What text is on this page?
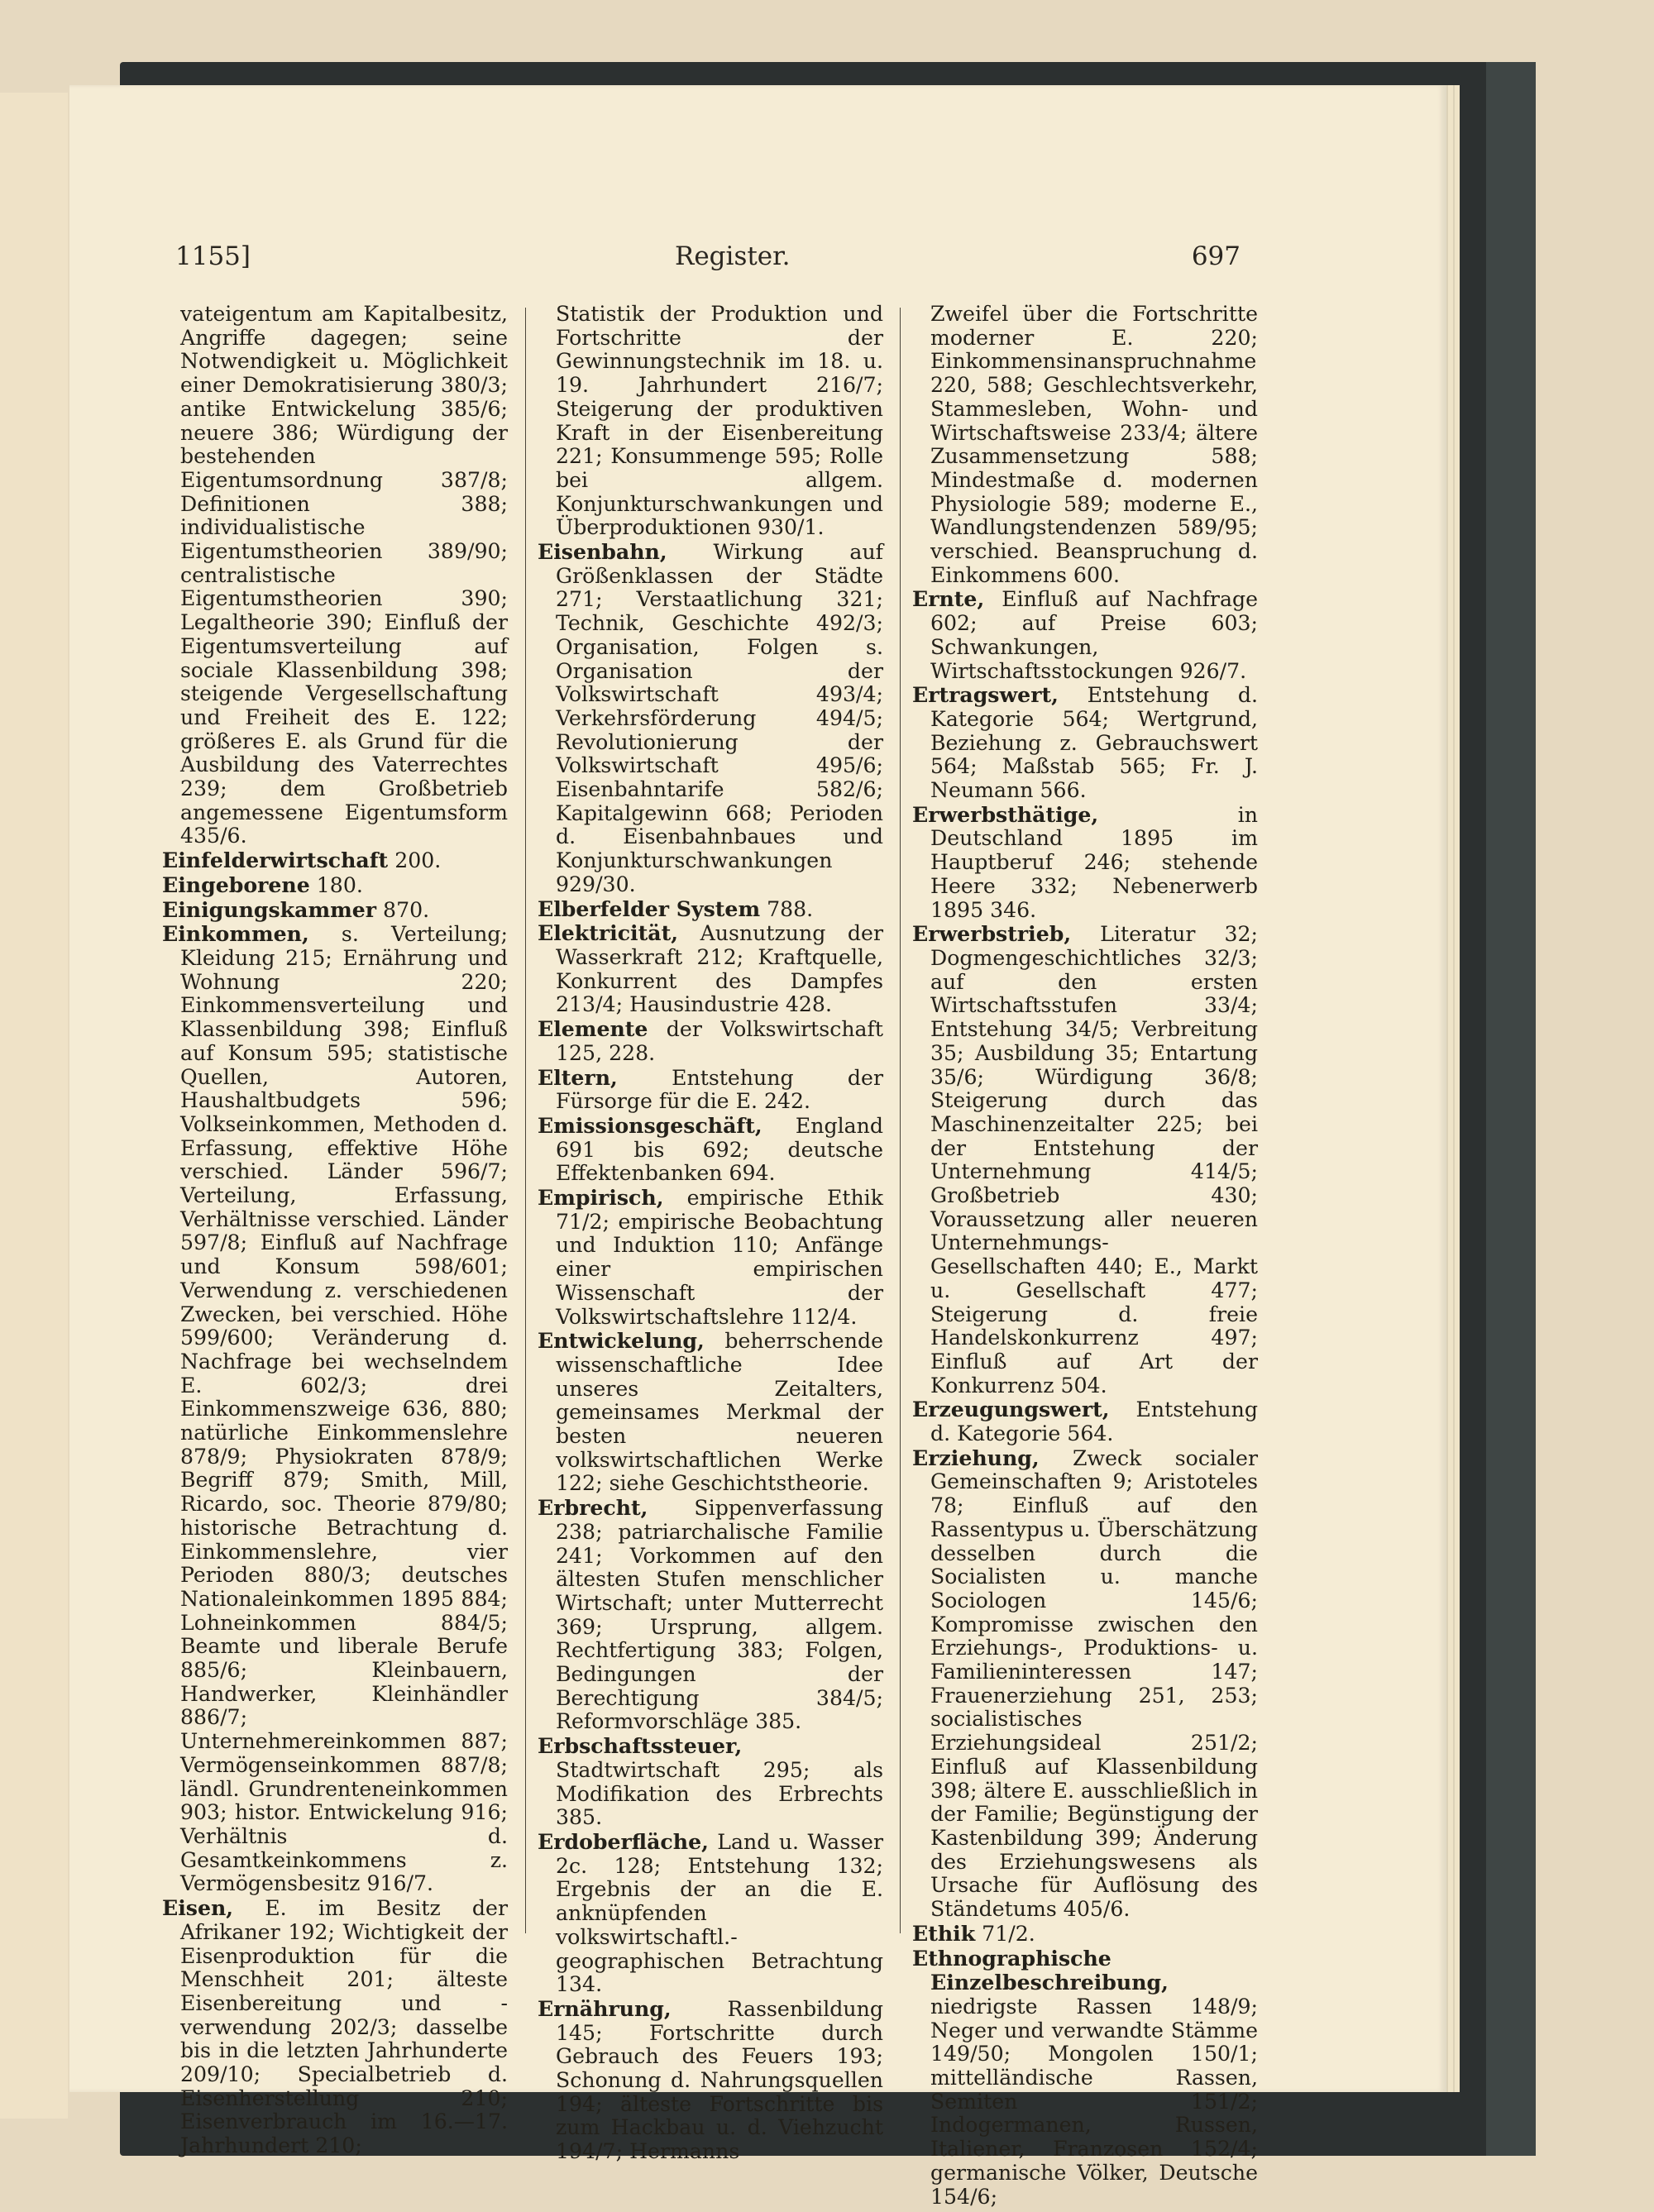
1155]	Register.	697

vateigentum am Kapitalbesitz, Angriffe dagegen; seine Notwendigkeit u. Möglichkeit einer Demokratisierung 380/3; antike Entwickelung 385/6; neuere 386; Würdigung der bestehenden Eigentumsordnung 387/8; Definitionen 388; individualistische Eigentumstheorien 389/90; centralistische Eigentumstheorien 390; Legaltheorie 390; Einfluß der Eigentumsverteilung auf sociale Klassenbildung 398; steigende Vergesellschaftung und Freiheit des E. 122; größeres E. als Grund für die Ausbildung des Vaterrechtes 239; dem Großbetrieb angemessene Eigentumsform 435/6.

Einfelderwirtschaft 200.

Eingeborene 180.

Einigungskammer 870.

Einkommen, s. Verteilung; Kleidung 215; Ernährung und Wohnung 220; Einkommensverteilung und Klassenbildung 398; Einfluß auf Konsum 595; statistische Quellen, Autoren, Haushaltbudgets 596; Volkseinkommen, Methoden d. Erfassung, effektive Höhe verschied. Länder 596/7; Verteilung, Erfassung, Verhältnisse verschied. Länder 597/8; Einfluß auf Nachfrage und Konsum 598/601; Verwendung z. verschiedenen Zwecken, bei verschied. Höhe 599/600; Veränderung d. Nachfrage bei wechselndem E. 602/3; drei Einkommenszweige 636, 880; natürliche Einkommenslehre 878/9; Physiokraten 878/9; Begriff 879; Smith, Mill, Ricardo, soc. Theorie 879/80; historische Betrachtung d. Einkommenslehre, vier Perioden 880/3; deutsches Nationaleinkommen 1895 884; Lohneinkommen 884/5; Beamte und liberale Berufe 885/6; Kleinbauern, Handwerker, Kleinhändler 886/7; Unternehmereinkommen 887; Vermögenseinkommen 887/8; ländl. Grundrenteneinkommen 903; histor. Entwickelung 916; Verhältnis d. Gesamtkeinkommens z. Vermögensbesitz 916/7.

Eisen, E. im Besitz der Afrikaner 192; Wichtigkeit der Eisenproduktion für die Menschheit 201; älteste Eisenbereitung und -verwendung 202/3; dasselbe bis in die letzten Jahrhunderte 209/10; Specialbetrieb d. Eisenherstellung 210; Eisenverbrauch im 16.—17. Jahrhundert 210;

Statistik der Produktion und Fortschritte der Gewinnungstechnik im 18. u. 19. Jahrhundert 216/7; Steigerung der produktiven Kraft in der Eisenbereitung 221; Konsummenge 595; Rolle bei allgem. Konjunkturschwankungen und Überproduktionen 930/1.

Eisenbahn, Wirkung auf Größenklassen der Städte 271; Verstaatlichung 321; Technik, Geschichte 492/3; Organisation, Folgen s. Organisation der Volkswirtschaft 493/4; Verkehrsförderung 494/5; Revolutionierung der Volkswirtschaft 495/6; Eisenbahntarife 582/6; Kapitalgewinn 668; Perioden d. Eisenbahnbaues und Konjunkturschwankungen 929/30.

Elberfelder System 788.

Elektricität, Ausnutzung der Wasserkraft 212; Kraftquelle, Konkurrent des Dampfes 213/4; Hausindustrie 428.

Elemente der Volkswirtschaft 125, 228.

Eltern, Entstehung der Fürsorge für die E. 242.

Emissionsgeschäft, England 691 bis 692; deutsche Effektenbanken 694.

Empirisch, empirische Ethik 71/2; empirische Beobachtung und Induktion 110; Anfänge einer empirischen Wissenschaft der Volkswirtschaftslehre 112/4.

Entwickelung, beherrschende wissenschaftliche Idee unseres Zeitalters, gemeinsames Merkmal der besten neueren volkswirtschaftlichen Werke 122; siehe Geschichtstheorie.

Erbrecht, Sippenverfassung 238; patriarchalische Familie 241; Vorkommen auf den ältesten Stufen menschlicher Wirtschaft; unter Mutterrecht 369; Ursprung, allgem. Rechtfertigung 383; Folgen, Bedingungen der Berechtigung 384/5; Reformvorschläge 385.

Erbschaftssteuer, Stadtwirtschaft 295; als Modifikation des Erbrechts 385.

Erdoberfläche, Land u. Wasser 2c. 128; Entstehung 132; Ergebnis der an die E. anknüpfenden volkswirtschaftl.-geographischen Betrachtung 134.

Ernährung, Rassenbildung 145; Fortschritte durch Gebrauch des Feuers 193; Schonung d. Nahrungsquellen 194; älteste Fortschritte bis zum Hackbau u. d. Viehzucht 194/7; Hermanns

Zweifel über die Fortschritte moderner E. 220; Einkommensinanspruchnahme 220, 588; Geschlechtsverkehr, Stammesleben, Wohn- und Wirtschaftsweise 233/4; ältere Zusammensetzung 588; Mindestmaße d. modernen Physiologie 589; moderne E., Wandlungstendenzen 589/95; verschied. Beanspruchung d. Einkommens 600.

Ernte, Einfluß auf Nachfrage 602; auf Preise 603; Schwankungen, Wirtschaftsstockungen 926/7.

Ertragswert, Entstehung d. Kategorie 564; Wertgrund, Beziehung z. Gebrauchswert 564; Maßstab 565; Fr. J. Neumann 566.

Erwerbsthätige, in Deutschland 1895 im Hauptberuf 246; stehende Heere 332; Nebenerwerb 1895 346.

Erwerbstrieb, Literatur 32; Dogmengeschichtliches 32/3; auf den ersten Wirtschaftsstufen 33/4; Entstehung 34/5; Verbreitung 35; Ausbildung 35; Entartung 35/6; Würdigung 36/8; Steigerung durch das Maschinenzeitalter 225; bei der Entstehung der Unternehmung 414/5; Großbetrieb 430; Voraussetzung aller neueren Unternehmungs-Gesellschaften 440; E., Markt u. Gesellschaft 477; Steigerung d. freie Handelskonkurrenz 497; Einfluß auf Art der Konkurrenz 504.

Erzeugungswert, Entstehung d. Kategorie 564.

Erziehung, Zweck socialer Gemeinschaften 9; Aristoteles 78; Einfluß auf den Rassentypus u. Überschätzung desselben durch die Socialisten u. manche Sociologen 145/6; Kompromisse zwischen den Erziehungs-, Produktions- u. Familieninteressen 147; Frauenerziehung 251, 253; socialistisches Erziehungsideal 251/2; Einfluß auf Klassenbildung 398; ältere E. ausschließlich in der Familie; Begünstigung der Kastenbildung 399; Änderung des Erziehungswesens als Ursache für Auflösung des Ständetums 405/6.

Ethik 71/2.

Ethnographische Einzelbeschreibung, niedrigste Rassen 148/9; Neger und verwandte Stämme 149/50; Mongolen 150/1; mittelländische Rassen, Semiten 151/2; Indogermanen, Russen, Italiener, Franzosen 152/4; germanische Völker, Deutsche 154/6;
